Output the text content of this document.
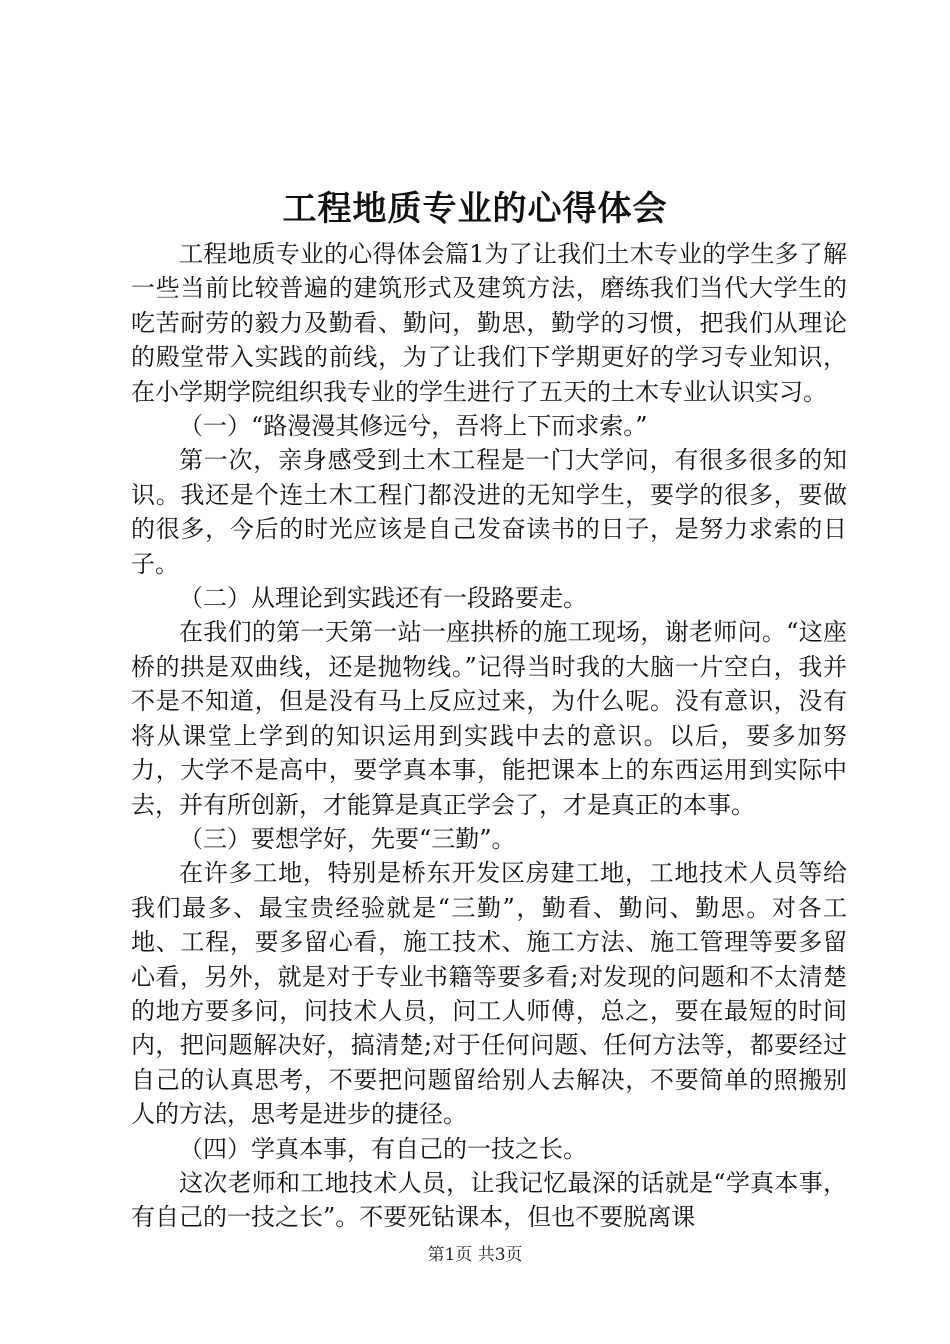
工程地质专业的心得体会

工程地质专业的心得体会篇1为了让我们土木专业的学生多了解一些当前比较普遍的建筑形式及建筑方法，磨练我们当代大学生的吃苦耐劳的毅力及勤看、勤问，勤思，勤学的习惯，把我们从理论的殿堂带入实践的前线，为了让我们下学期更好的学习专业知识，在小学期学院组织我专业的学生进行了五天的土木专业认识实习。

（一）“路漫漫其修远兮，吾将上下而求索。”

第一次，亲身感受到土木工程是一门大学问，有很多很多的知识。我还是个连土木工程门都没进的无知学生，要学的很多，要做的很多，今后的时光应该是自己发奋读书的日子，是努力求索的日子。

（二）从理论到实践还有一段路要走。

在我们的第一天第一站一座拱桥的施工现场，谢老师问。“这座桥的拱是双曲线，还是抛物线。”记得当时我的大脑一片空白，我并不是不知道，但是没有马上反应过来，为什么呢。没有意识，没有将从课堂上学到的知识运用到实践中去的意识。以后，要多加努力，大学不是高中，要学真本事，能把课本上的东西运用到实际中去，并有所创新，才能算是真正学会了，才是真正的本事。

（三）要想学好，先要“三勤”。

在许多工地，特别是桥东开发区房建工地，工地技术人员等给我们最多、最宝贵经验就是“三勤”，勤看、勤问、勤思。对各工地、工程，要多留心看，施工技术、施工方法、施工管理等要多留心看，另外，就是对于专业书籍等要多看;对发现的问题和不太清楚的地方要多问，问技术人员，问工人师傅，总之，要在最短的时间内，把问题解决好，搞清楚;对于任何问题、任何方法等，都要经过自己的认真思考，不要把问题留给别人去解决，不要简单的照搬别人的方法，思考是进步的捷径。

（四）学真本事，有自己的一技之长。

这次老师和工地技术人员，让我记忆最深的话就是“学真本事，有自己的一技之长”。不要死钻课本，但也不要脱离课

第1页 共3页
